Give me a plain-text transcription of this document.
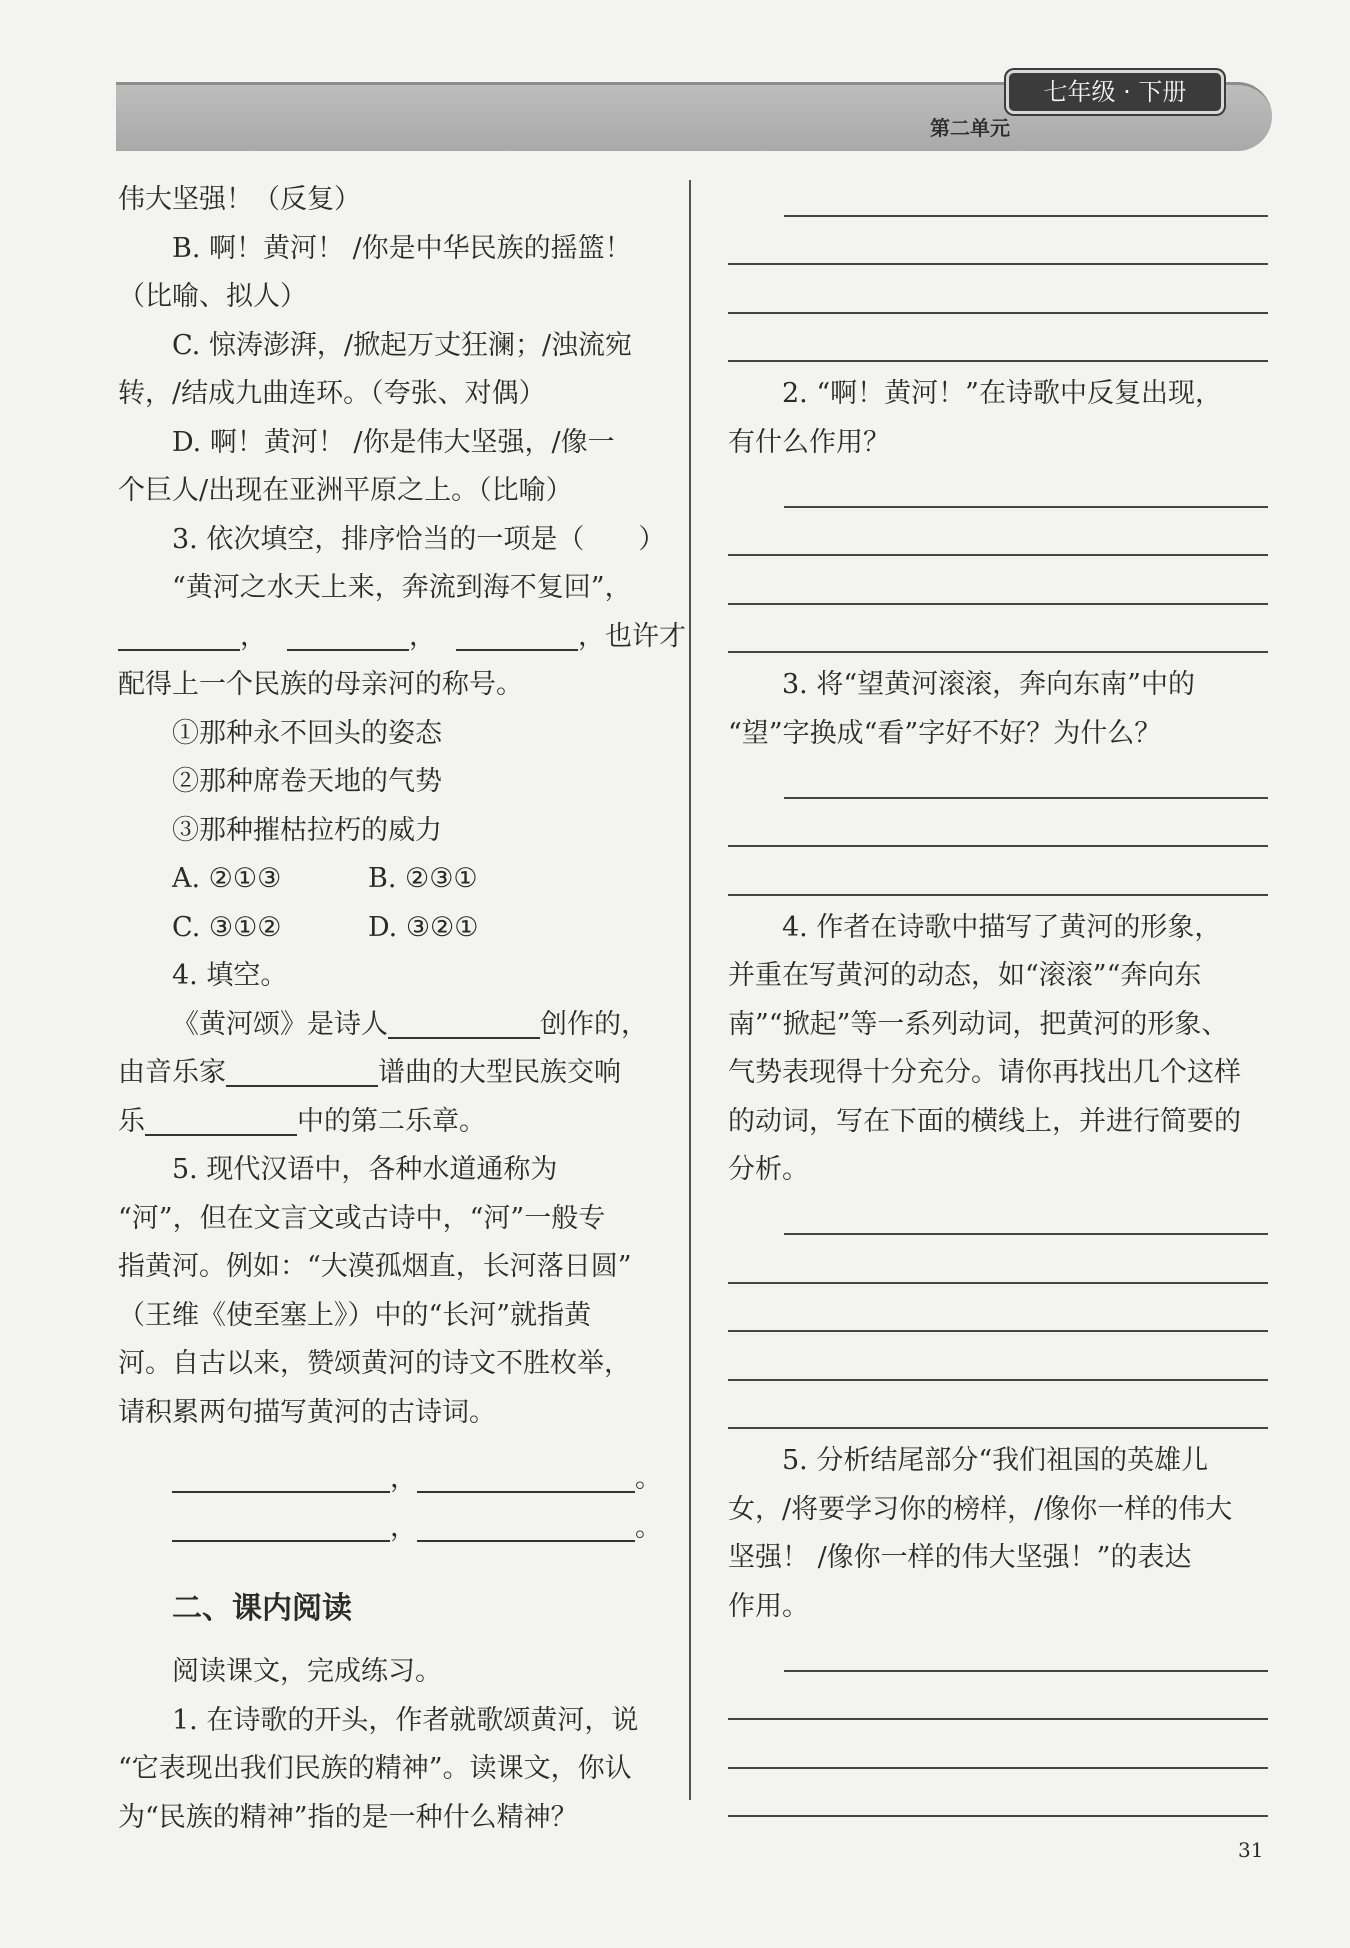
七年级 · 下册
第二单元
伟大坚强！（反复）
B. 啊！黄河！ /你是中华民族的摇篮！
（比喻、拟人）
C. 惊涛澎湃，/掀起万丈狂澜；/浊流宛
转，/结成九曲连环。（夸张、对偶）
D. 啊！黄河！ /你是伟大坚强，/像一
个巨人/出现在亚洲平原之上。（比喻）
3. 依次填空，排序恰当的一项是（　　）
“黄河之水天上来，奔流到海不复回”，
，	，	，也许才
配得上一个民族的母亲河的称号。
①那种永不回头的姿态
②那种席卷天地的气势
③那种摧枯拉朽的威力
A. ②①③	B. ②③①
C. ③①②	D. ③②①
4. 填空。
《黄河颂》是诗人	创作的，
由音乐家	谱曲的大型民族交响
乐	中的第二乐章。
5. 现代汉语中，各种水道通称为
“河”，但在文言文或古诗中，“河”一般专
指黄河。例如：“大漠孤烟直，长河落日圆”
（王维《使至塞上》）中的“长河”就指黄
河。自古以来，赞颂黄河的诗文不胜枚举，
请积累两句描写黄河的古诗词。
，	。
，	。
二、课内阅读
阅读课文，完成练习。
1. 在诗歌的开头，作者就歌颂黄河，说
“它表现出我们民族的精神”。读课文，你认
为“民族的精神”指的是一种什么精神？
2. “啊！黄河！”在诗歌中反复出现，
有什么作用？
3. 将“望黄河滚滚，奔向东南”中的
“望”字换成“看”字好不好？为什么？
4. 作者在诗歌中描写了黄河的形象，
并重在写黄河的动态，如“滚滚”“奔向东
南”“掀起”等一系列动词，把黄河的形象、
气势表现得十分充分。请你再找出几个这样
的动词，写在下面的横线上，并进行简要的
分析。
5. 分析结尾部分“我们祖国的英雄儿
女，/将要学习你的榜样，/像你一样的伟大
坚强！ /像你一样的伟大坚强！”的表达
作用。
31
